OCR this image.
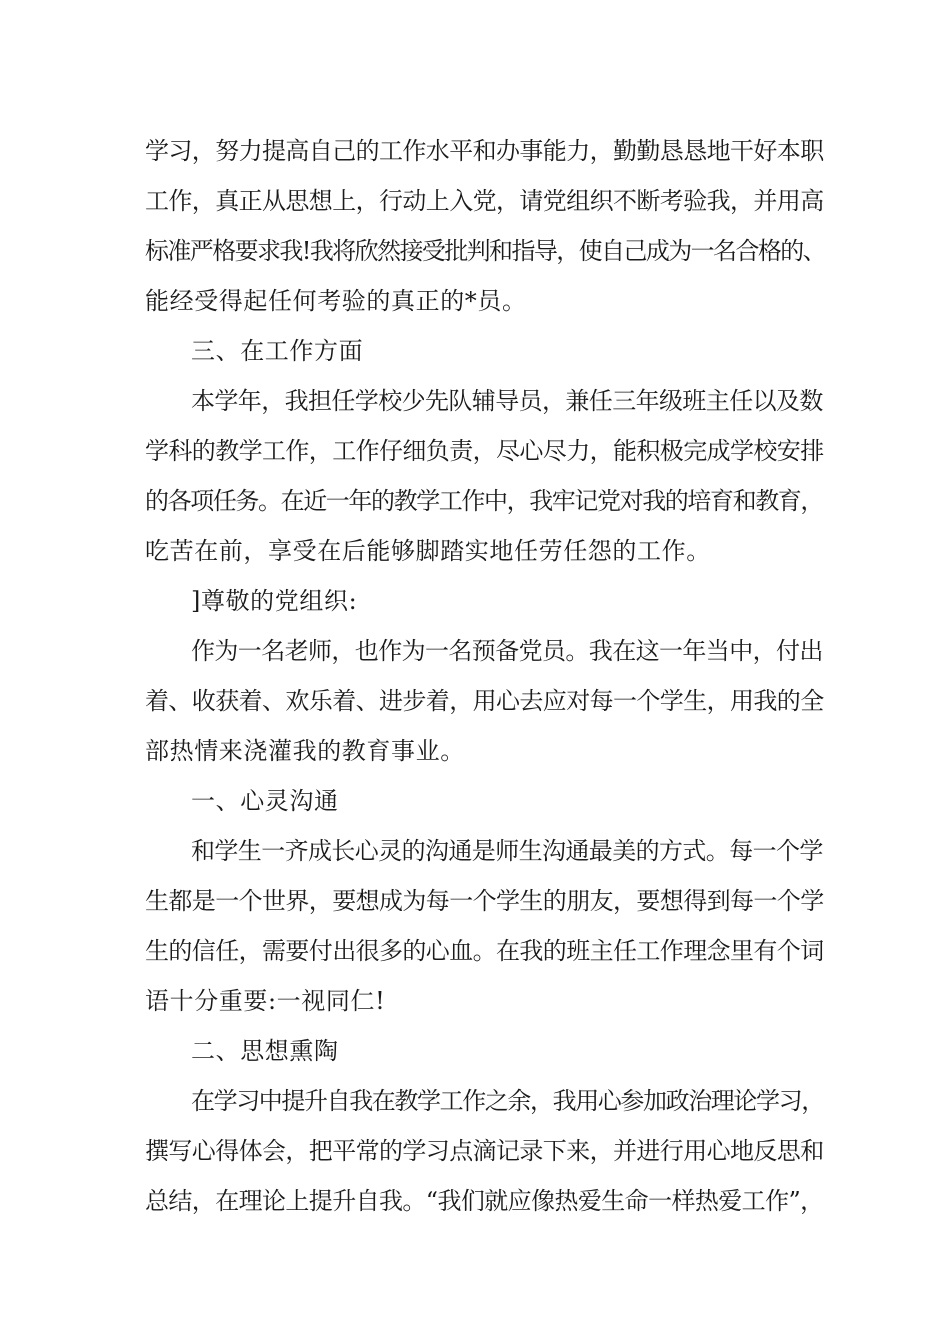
学习，努力提高自己的工作水平和办事能力，勤勤恳恳地干好本职
工作，真正从思想上，行动上入党，请党组织不断考验我，并用高
标准严格要求我!我将欣然接受批判和指导，使自己成为一名合格的、
能经受得起任何考验的真正的*员。
三、在工作方面
本学年，我担任学校少先队辅导员，兼任三年级班主任以及数
学科的教学工作，工作仔细负责，尽心尽力，能积极完成学校安排
的各项任务。在近一年的教学工作中，我牢记党对我的培育和教育，
吃苦在前，享受在后能够脚踏实地任劳任怨的工作。
]尊敬的党组织:
作为一名老师，也作为一名预备党员。我在这一年当中，付出
着、收获着、欢乐着、进步着，用心去应对每一个学生，用我的全
部热情来浇灌我的教育事业。
一、心灵沟通
和学生一齐成长心灵的沟通是师生沟通最美的方式。每一个学
生都是一个世界，要想成为每一个学生的朋友，要想得到每一个学
生的信任，需要付出很多的心血。在我的班主任工作理念里有个词
语十分重要:一视同仁!
二、思想熏陶
在学习中提升自我在教学工作之余，我用心参加政治理论学习，
撰写心得体会，把平常的学习点滴记录下来，并进行用心地反思和
总结，在理论上提升自我。“我们就应像热爱生命一样热爱工作”，
